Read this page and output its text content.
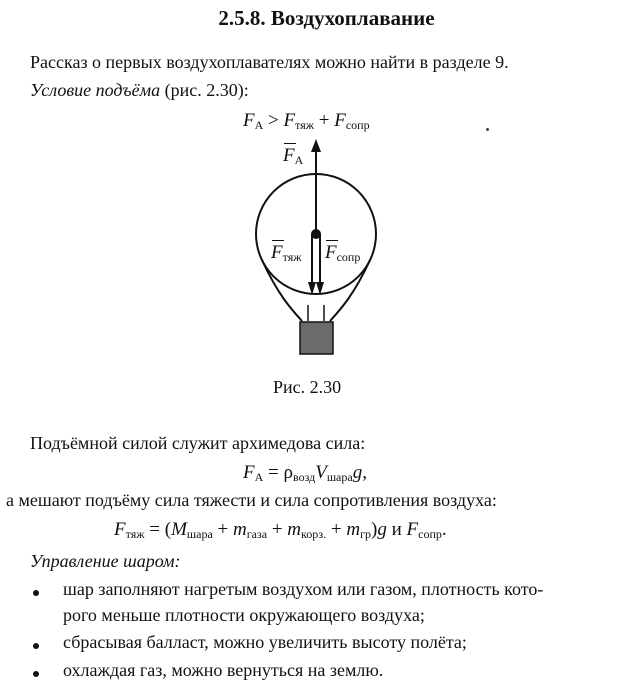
2.5.8. Воздухоплавание
Рассказ о первых воздухоплавателях можно найти в разделе 9.
Условие подъёма (рис. 2.30):
$F_A > F_{тяж} + F_{сопр}$
$F_A$
$F_{тяж}$ $F_{сопр}$
Рис. 2.30
Подъёмной силой служит архимедова сила:
$F_A = \rho_{возд}V_{шара}g$,
а мешают подъёму сила тяжести и сила сопротивления воздуха:
$F_{тяж} = (M_{шара} + m_{газа} + m_{корз.} + m_{гр})g$ и $F_{сопр}$.
Управление шаром:
шар заполняют нагретым воздухом или газом, плотность кото-
рого меньше плотности окружающего воздуха;
сбрасывая балласт, можно увеличить высоту полёта;
охлаждая газ, можно вернуться на землю.
